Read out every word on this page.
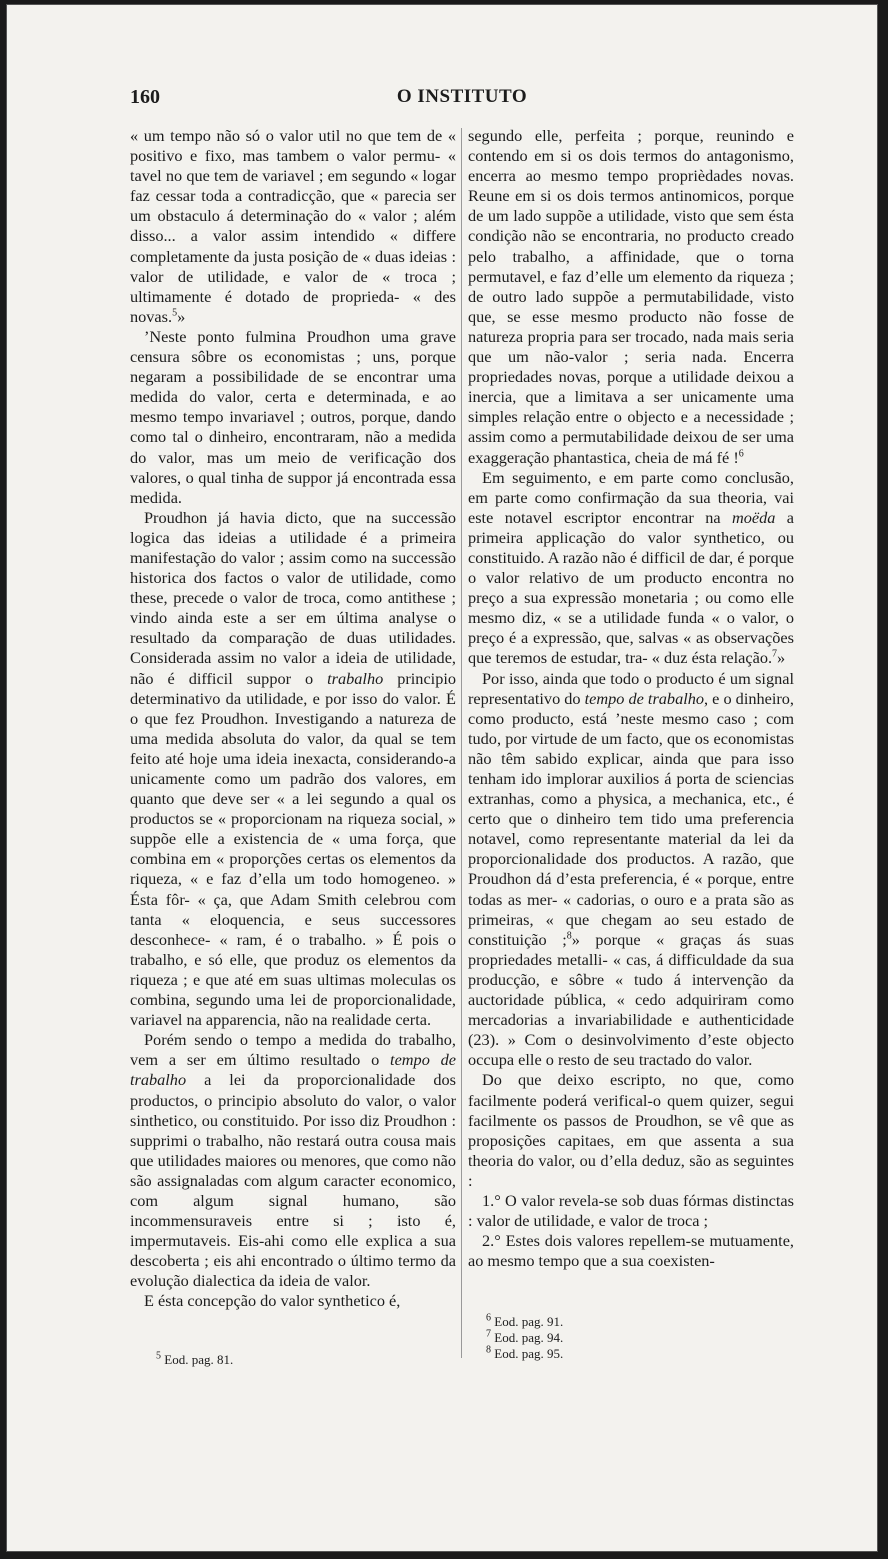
160	O INSTITUTO

« um tempo não só o valor util no que tem de « positivo e fixo, mas tambem o valor permu- « tavel no que tem de variavel ; em segundo « logar faz cessar toda a contradicção, que « parecia ser um obstaculo á determinação do « valor ; além disso... a valor assim intendido « differe completamente da justa posição de « duas ideias : valor de utilidade, e valor de « troca ; ultimamente é dotado de proprieda- « des novas.$^5$»

’Neste ponto fulmina Proudhon uma grave censura sôbre os economistas ; uns, porque negaram a possibilidade de se encontrar uma medida do valor, certa e determinada, e ao mesmo tempo invariavel ; outros, porque, dando como tal o dinheiro, encontraram, não a medida do valor, mas um meio de verificação dos valores, o qual tinha de suppor já encontrada essa medida.

Proudhon já havia dicto, que na successão logica das ideias a utilidade é a primeira manifestação do valor ; assim como na successão historica dos factos o valor de utilidade, como these, precede o valor de troca, como antithese ; vindo ainda este a ser em última analyse o resultado da comparação de duas utilidades. Considerada assim no valor a ideia de utilidade, não é difficil suppor o trabalho principio determinativo da utilidade, e por isso do valor. É o que fez Proudhon. Investigando a natureza de uma medida absoluta do valor, da qual se tem feito até hoje uma ideia inexacta, considerando-a unicamente como um padrão dos valores, em quanto que deve ser « a lei segundo a qual os productos se « proporcionam na riqueza social, » suppõe elle a existencia de « uma força, que combina em « proporções certas os elementos da riqueza, « e faz d’ella um todo homogeneo. » Ésta fôr- « ça, que Adam Smith celebrou com tanta « eloquencia, e seus successores desconhece- « ram, é o trabalho. » É pois o trabalho, e só elle, que produz os elementos da riqueza ; e que até em suas ultimas moleculas os combina, segundo uma lei de proporcionalidade, variavel na apparencia, não na realidade certa.

Porém sendo o tempo a medida do trabalho, vem a ser em último resultado o tempo de trabalho a lei da proporcionalidade dos productos, o principio absoluto do valor, o valor sinthetico, ou constituido. Por isso diz Proudhon : supprimi o trabalho, não restará outra cousa mais que utilidades maiores ou menores, que como não são assignaladas com algum caracter economico, com algum signal humano, são incommensuraveis entre si ; isto é, impermutaveis. Eis-ahi como elle explica a sua descoberta ; eis ahi encontrado o último termo da evolução dialectica da ideia de valor.

E ésta concepção do valor synthetico é,

$^5$ Eod. pag. 81.

segundo elle, perfeita ; porque, reunindo e contendo em si os dois termos do antagonismo, encerra ao mesmo tempo proprièdades novas. Reune em si os dois termos antinomicos, porque de um lado suppõe a utilidade, visto que sem ésta condição não se encontraria, no producto creado pelo trabalho, a affinidade, que o torna permutavel, e faz d’elle um elemento da riqueza ; de outro lado suppõe a permutabilidade, visto que, se esse mesmo producto não fosse de natureza propria para ser trocado, nada mais seria que um não-valor ; seria nada. Encerra propriedades novas, porque a utilidade deixou a inercia, que a limitava a ser unicamente uma simples relação entre o objecto e a necessidade ; assim como a permutabilidade deixou de ser uma exaggeração phantastica, cheia de má fé !$^6$

Em seguimento, e em parte como conclusão, em parte como confirmação da sua theoria, vai este notavel escriptor encontrar na moëda a primeira applicação do valor synthetico, ou constituido. A razão não é difficil de dar, é porque o valor relativo de um producto encontra no preço a sua expressão monetaria ; ou como elle mesmo diz, « se a utilidade funda « o valor, o preço é a expressão, que, salvas « as observações que teremos de estudar, tra- « duz ésta relação.$^7$»

Por isso, ainda que todo o producto é um signal representativo do tempo de trabalho, e o dinheiro, como producto, está ’neste mesmo caso ; com tudo, por virtude de um facto, que os economistas não têm sabido explicar, ainda que para isso tenham ido implorar auxilios á porta de sciencias extranhas, como a physica, a mechanica, etc., é certo que o dinheiro tem tido uma preferencia notavel, como representante material da lei da proporcionalidade dos productos. A razão, que Proudhon dá d’esta preferencia, é « porque, entre todas as mer- « cadorias, o ouro e a prata são as primeiras, « que chegam ao seu estado de constituição ;$^8$» porque « graças ás suas propriedades metalli- « cas, á difficuldade da sua producção, e sôbre « tudo á intervenção da auctoridade pública, « cedo adquiriram como mercadorias a invariabilidade e authenticidade (23). » Com o desinvolvimento d’este objecto occupa elle o resto de seu tractado do valor.

Do que deixo escripto, no que, como facilmente poderá verifical-o quem quizer, segui facilmente os passos de Proudhon, se vê que as proposições capitaes, em que assenta a sua theoria do valor, ou d’ella deduz, são as seguintes :

1.° O valor revela-se sob duas fórmas distinctas : valor de utilidade, e valor de troca ;

2.° Estes dois valores repellem-se mutuamente, ao mesmo tempo que a sua coexisten-

$^6$ Eod. pag. 91.
$^7$ Eod. pag. 94.
$^8$ Eod. pag. 95.
